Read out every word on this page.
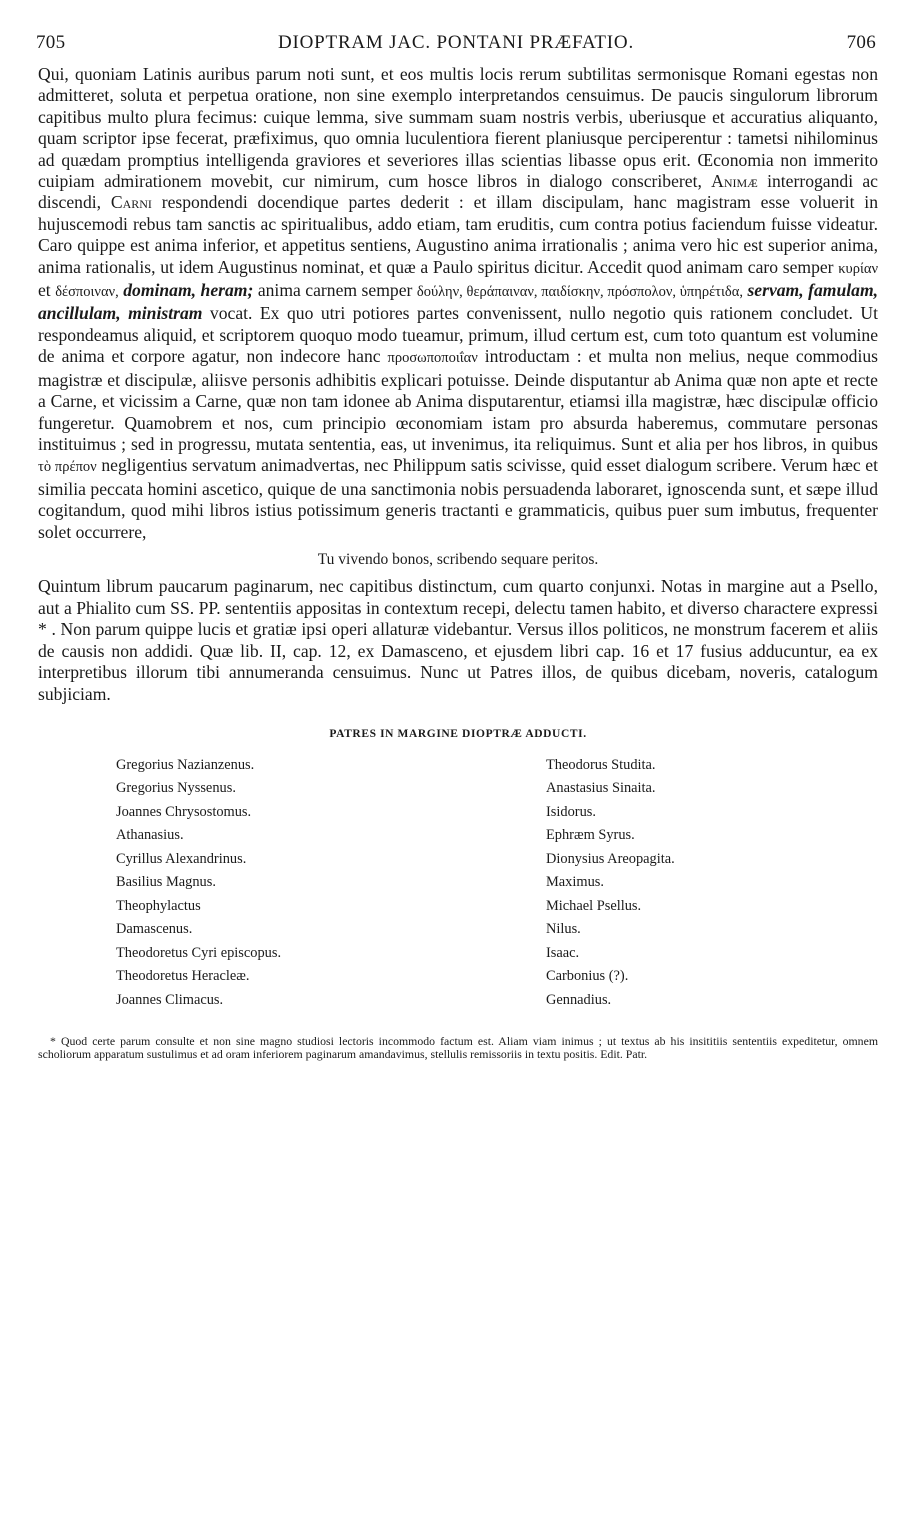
705	DIOPTRAM JAC. PONTANI PRÆFATIO.	706

Qui, quoniam Latinis auribus parum noti sunt, et eos multis locis rerum subtilitas sermonisque Romani egestas non admitteret, soluta et perpetua oratione, non sine exemplo interpretandos censuimus. De paucis singulorum librorum capitibus multo plura fecimus: cuique lemma, sive summam suam nostris verbis, uberiusque et accuratius aliquanto, quam scriptor ipse fecerat, præfiximus, quo omnia luculentiora fierent planiusque perciperentur : tametsi nihilominus ad quædam promptius intelligenda graviores et severiores illas scientias libasse opus erit. Œconomia non immerito cuipiam admirationem movebit, cur nimirum, cum hosce libros in dialogo conscriberet, Animæ interrogandi ac discendi, Carni respondendi docendique partes dederit : et illam discipulam, hanc magistram esse voluerit in hujuscemodi rebus tam sanctis ac spiritualibus, addo etiam, tam eruditis, cum contra potius faciendum fuisse videatur. Caro quippe est anima inferior, et appetitus sentiens, Augustino anima irrationalis ; anima vero hic est superior anima, anima rationalis, ut idem Augustinus nominat, et quæ a Paulo spiritus dicitur. Accedit quod animam caro semper κυρίαν et δέσποιναν, dominam, heram; anima carnem semper δούλην, θεράπαιναν, παιδίσκην, πρόσπολον, ὑπηρέτιδα, servam, famulam, ancillulam, ministram vocat. Ex quo utri potiores partes convenissent, nullo negotio quis rationem concludet. Ut respondeamus aliquid, et scriptorem quoquo modo tueamur, primum, illud certum est, cum toto quantum est volumine de anima et corpore agatur, non indecore hanc προσωποποιΐαν introductam : et multa non melius, neque commodius magistræ et discipulæ, aliisve personis adhibitis explicari potuisse. Deinde disputantur ab Anima quæ non apte et recte a Carne, et vicissim a Carne, quæ non tam idonee ab Anima disputarentur, etiamsi illa magistræ, hæc discipulæ officio fungeretur. Quamobrem et nos, cum principio œconomiam istam pro absurda haberemus, commutare personas instituimus ; sed in progressu, mutata sententia, eas, ut invenimus, ita reliquimus. Sunt et alia per hos libros, in quibus τὸ πρέπον negligentius servatum animadvertas, nec Philippum satis scivisse, quid esset dialogum scribere. Verum hæc et similia peccata homini ascetico, quique de una sanctimonia nobis persuadenda laboraret, ignoscenda sunt, et sæpe illud cogitandum, quod mihi libros istius potissimum generis tractanti e grammaticis, quibus puer sum imbutus, frequenter solet occurrere,

Tu vivendo bonos, scribendo sequare peritos.

Quintum librum paucarum paginarum, nec capitibus distinctum, cum quarto conjunxi. Notas in margine aut a Psello, aut a Phialito cum SS. PP. sententiis appositas in contextum recepi, delectu tamen habito, et diverso charactere expressi * . Non parum quippe lucis et gratiæ ipsi operi allaturæ videbantur. Versus illos politicos, ne monstrum facerem et aliis de causis non addidi. Quæ lib. II, cap. 12, ex Damasceno, et ejusdem libri cap. 16 et 17 fusius adducuntur, ea ex interpretibus illorum tibi annumeranda censuimus. Nunc ut Patres illos, de quibus dicebam, noveris, catalogum subjiciam.

PATRES IN MARGINE DIOPTRÆ ADDUCTI.
Gregorius Nazianzenus.
Gregorius Nyssenus.
Joannes Chrysostomus.
Athanasius.
Cyrillus Alexandrinus.
Basilius Magnus.
Theophylactus
Damascenus.
Theodoretus Cyri episcopus.
Theodoretus Heracleæ.
Joannes Climacus.
Theodorus Studita.
Anastasius Sinaita.
Isidorus.
Ephræm Syrus.
Dionysius Areopagita.
Maximus.
Michael Psellus.
Nilus.
Isaac.
Carbonius (?).
Gennadius.
* Quod certe parum consulte et non sine magno studiosi lectoris incommodo factum est. Aliam viam inimus ; ut textus ab his insititiis sententiis expeditetur, omnem scholiorum apparatum sustulimus et ad oram inferiorem paginarum amandavimus, stellulis remissoriis in textu positis. Edit. Patr.
